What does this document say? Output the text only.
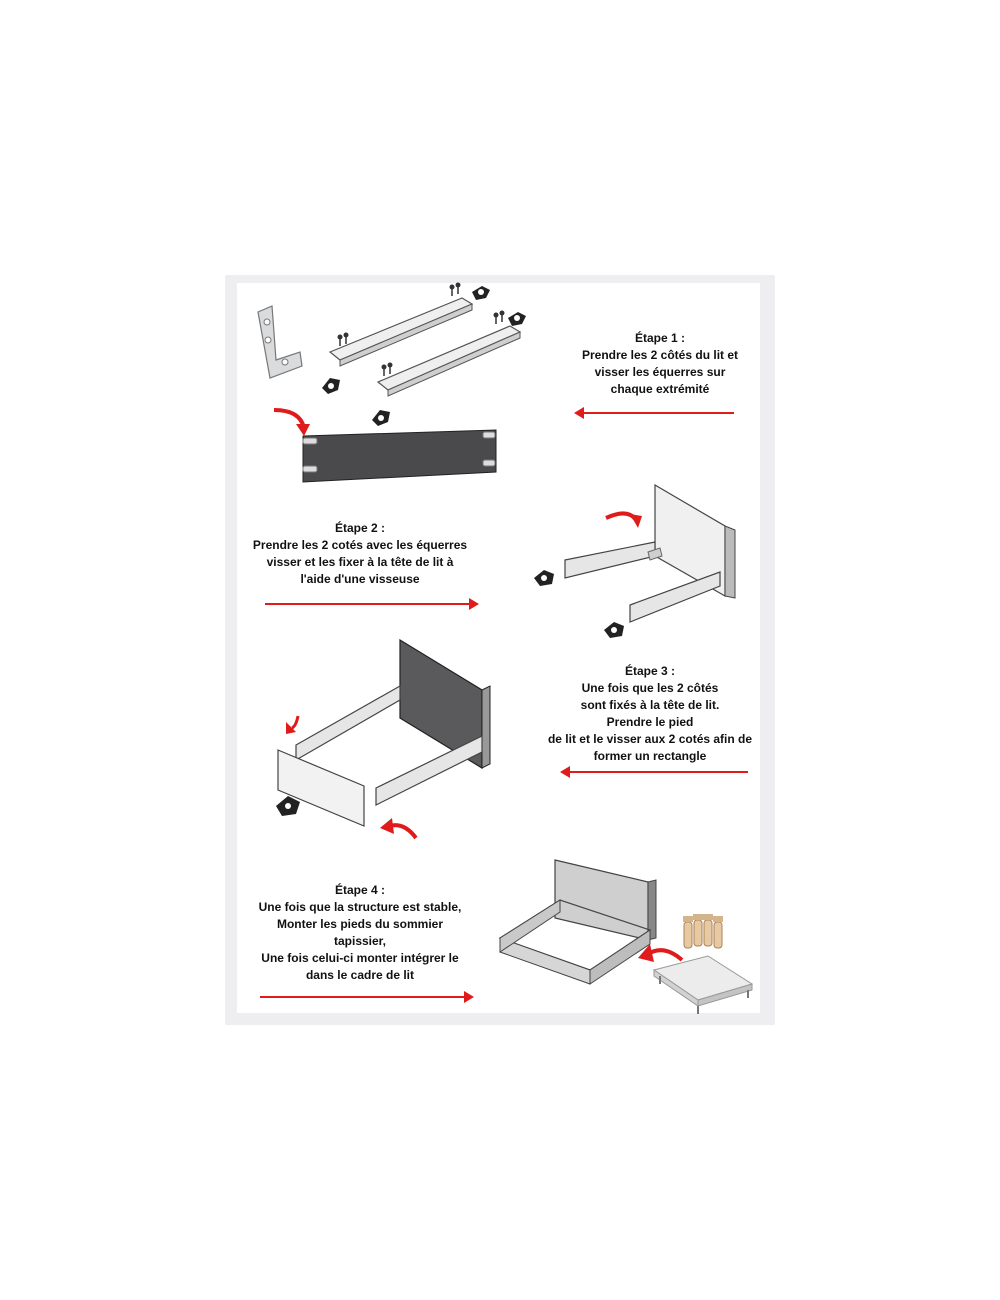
Étape 1 :
Prendre les 2 côtés du lit et
visser les équerres sur
chaque extrémité
Étape 2 :
Prendre les 2 cotés avec les équerres
visser et les fixer à la tête de lit à
l'aide d'une visseuse
Étape 3 :
Une fois que les 2 côtés
sont fixés à la tête de lit.
Prendre le pied
de lit et le visser aux 2 cotés afin de
former un rectangle
Étape 4 :
Une fois que la structure est stable,
Monter les pieds du sommier
tapissier,
Une fois celui-ci monter intégrer le
dans le cadre de lit
